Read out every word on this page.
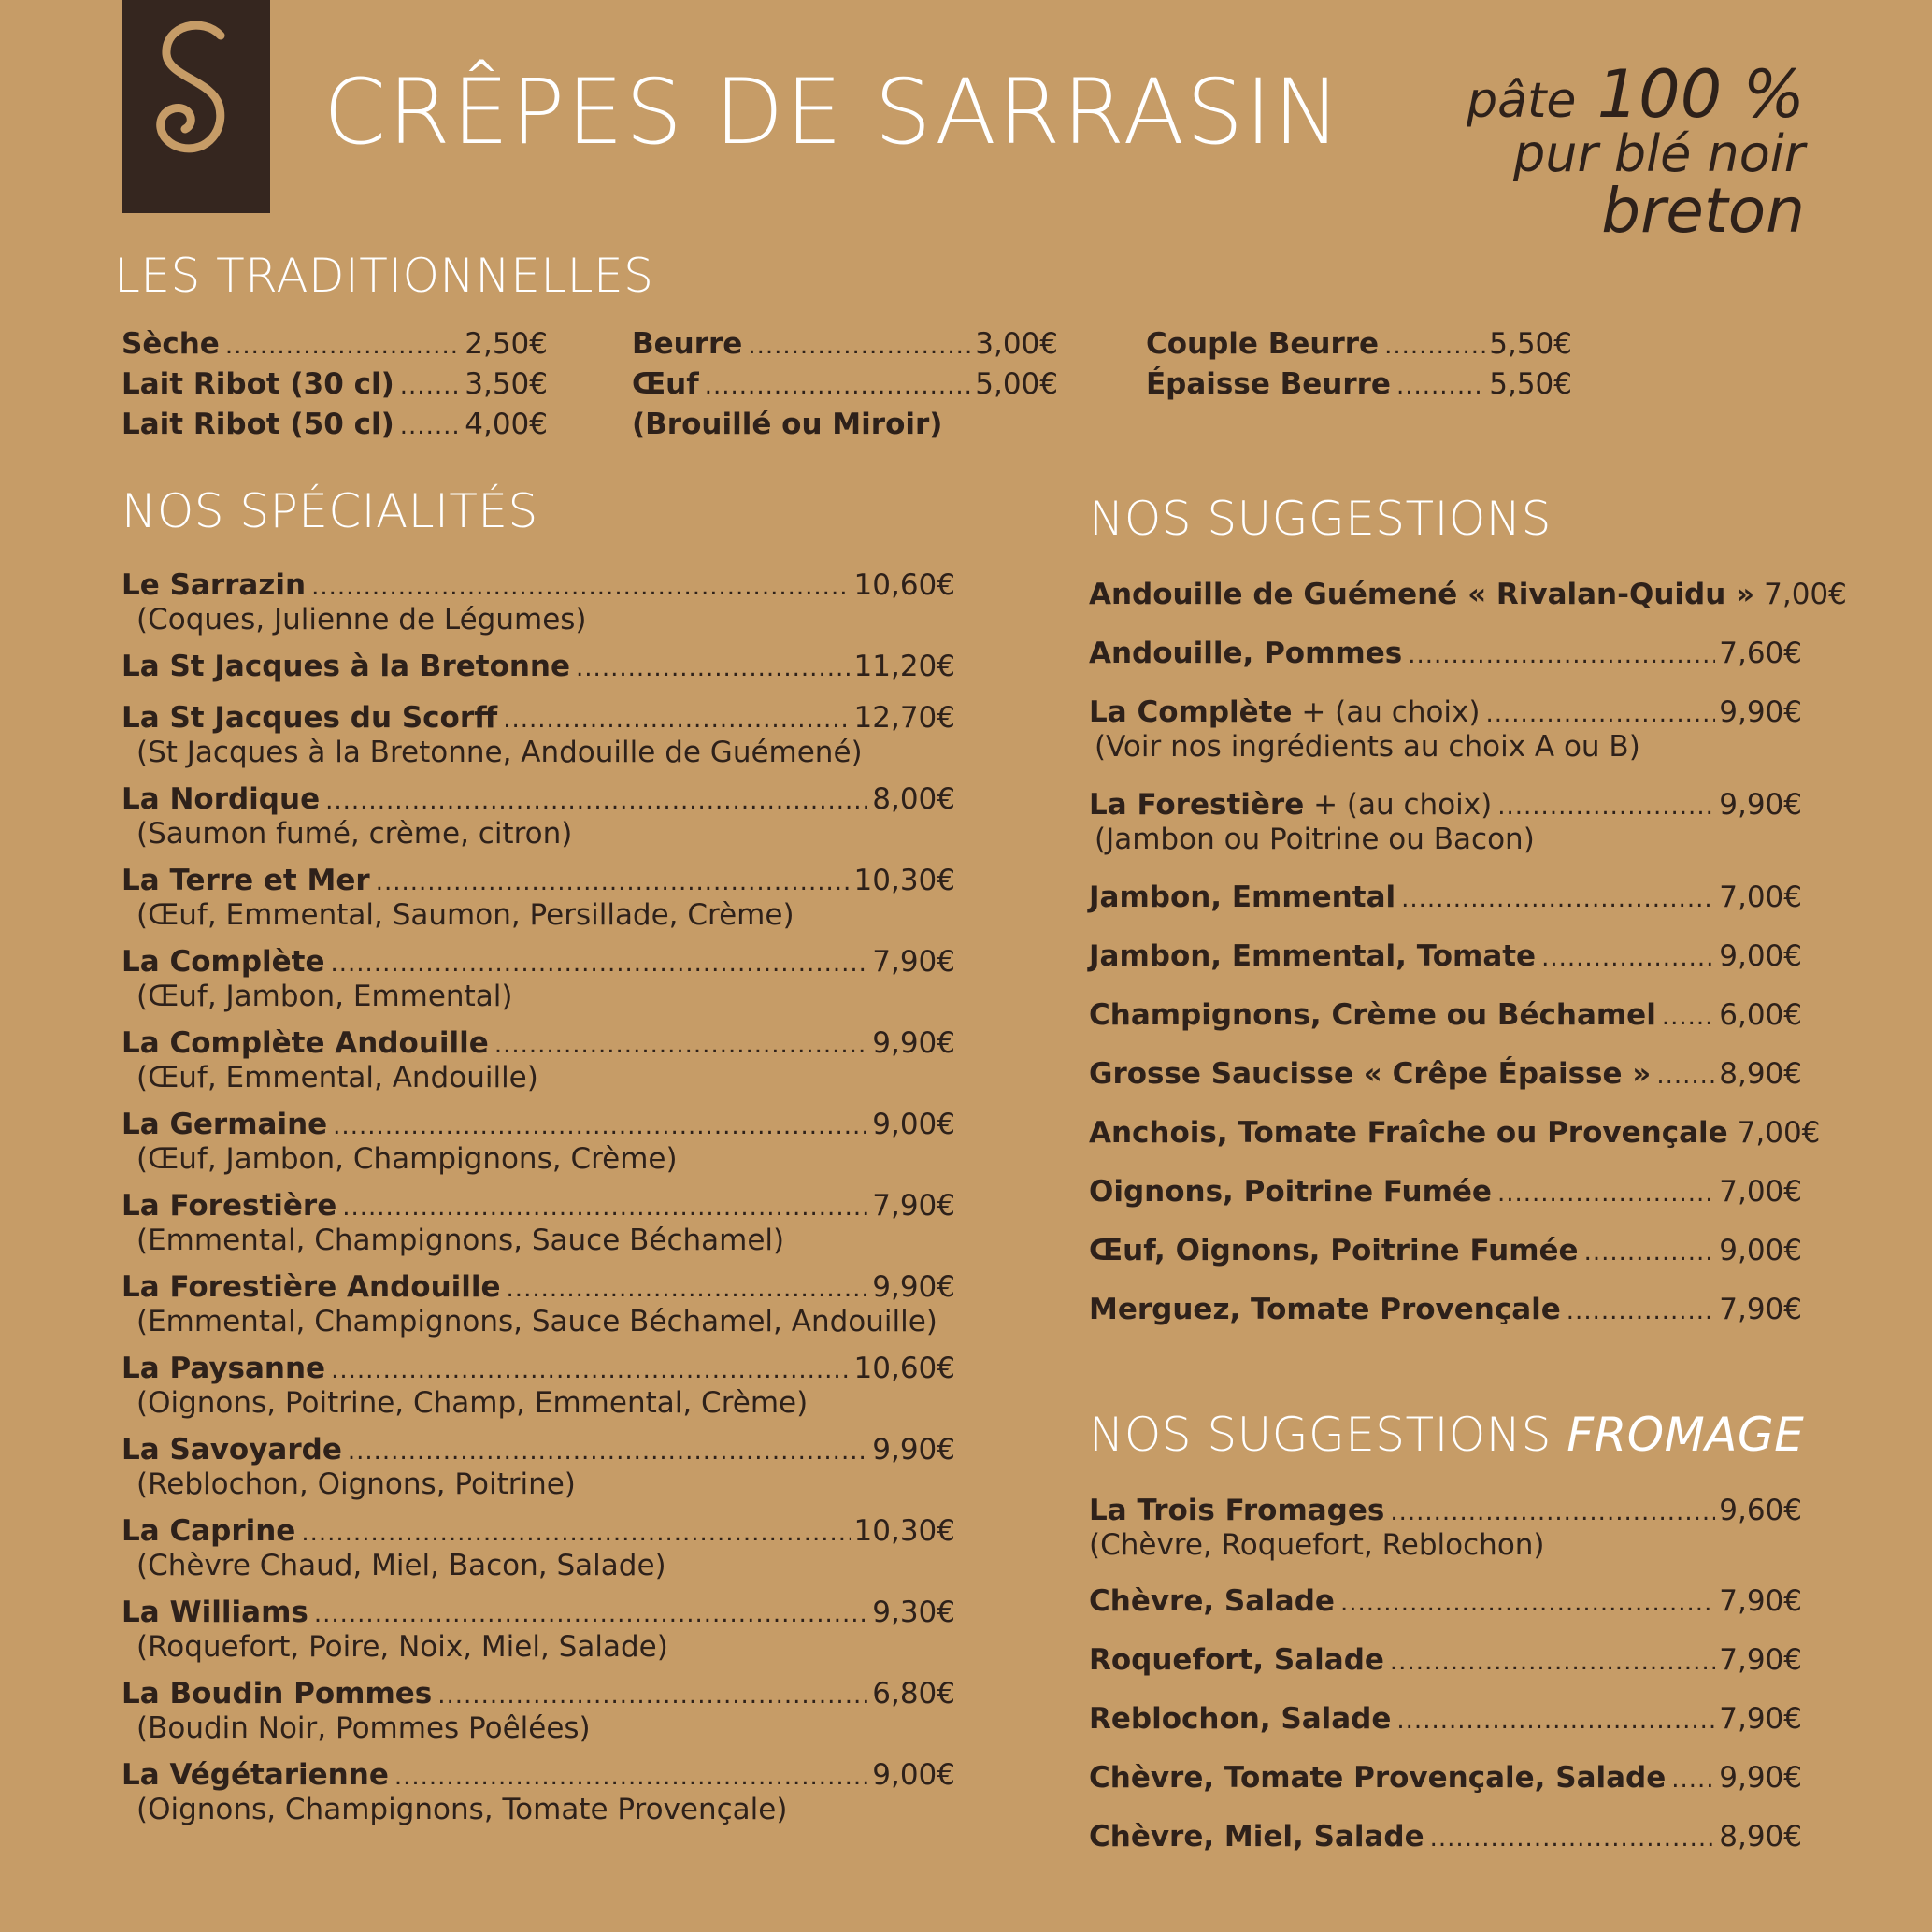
CRÊPES DE SARRASIN	pâte 100 %
pur blé noir
breton
LES TRADITIONNELLES
Sèche .....	2,50€
Lait Ribot (30 cl) ..... 3,50€
Lait Ribot (50 cl) ..... 4,00€
Beurre .....	3,00€
Œuf .....	5,00€
(Brouillé ou Miroir)
Couple Beurre .....	5,50€
Épaisse Beurre .....	5,50€
NOS SPÉCIALITÉS
Le Sarrazin .....	10,60€
(Coques, Julienne de Légumes)
La St Jacques à la Bretonne .....	11,20€
La St Jacques du Scorff .....	12,70€
(St Jacques à la Bretonne, Andouille de Guémené)
La Nordique .....	8,00€
(Saumon fumé, crème, citron)
La Terre et Mer .....	10,30€
(Œuf, Emmental, Saumon, Persillade, Crème)
La Complète .....	7,90€
(Œuf, Jambon, Emmental)
La Complète Andouille .....	9,90€
(Œuf, Emmental, Andouille)
La Germaine .....	9,00€
(Œuf, Jambon, Champignons, Crème)
La Forestière .....	7,90€
(Emmental, Champignons, Sauce Béchamel)
La Forestière Andouille .....	9,90€
(Emmental, Champignons, Sauce Béchamel, Andouille)
La Paysanne .....	10,60€
(Oignons, Poitrine, Champ, Emmental, Crème)
La Savoyarde .....	9,90€
(Reblochon, Oignons, Poitrine)
La Caprine .....	10,30€
(Chèvre Chaud, Miel, Bacon, Salade)
La Williams .....	9,30€
(Roquefort, Poire, Noix, Miel, Salade)
La Boudin Pommes .....	6,80€
(Boudin Noir, Pommes Poêlées)
La Végétarienne .....	9,00€
(Oignons, Champignons, Tomate Provençale)
NOS SUGGESTIONS
Andouille de Guémené « Rivalan-Quidu » 7,00€
Andouille, Pommes .....	7,60€
La Complète + (au choix) .....	9,90€
(Voir nos ingrédients au choix A ou B)
La Forestière + (au choix) .....	9,90€
(Jambon ou Poitrine ou Bacon)
Jambon, Emmental .....	7,00€
Jambon, Emmental, Tomate .....	9,00€
Champignons, Crème ou Béchamel ..... 6,00€
Grosse Saucisse « Crêpe Épaisse » ..... 8,90€
Anchois, Tomate Fraîche ou Provençale 7,00€
Oignons, Poitrine Fumée .....	7,00€
Œuf, Oignons, Poitrine Fumée .....	9,00€
Merguez, Tomate Provençale .....	7,90€
NOS SUGGESTIONS FROMAGE
La Trois Fromages .....	9,60€
(Chèvre, Roquefort, Reblochon)
Chèvre, Salade .....	7,90€
Roquefort, Salade .....	7,90€
Reblochon, Salade .....	7,90€
Chèvre, Tomate Provençale, Salade ..... 9,90€
Chèvre, Miel, Salade .....	8,90€
